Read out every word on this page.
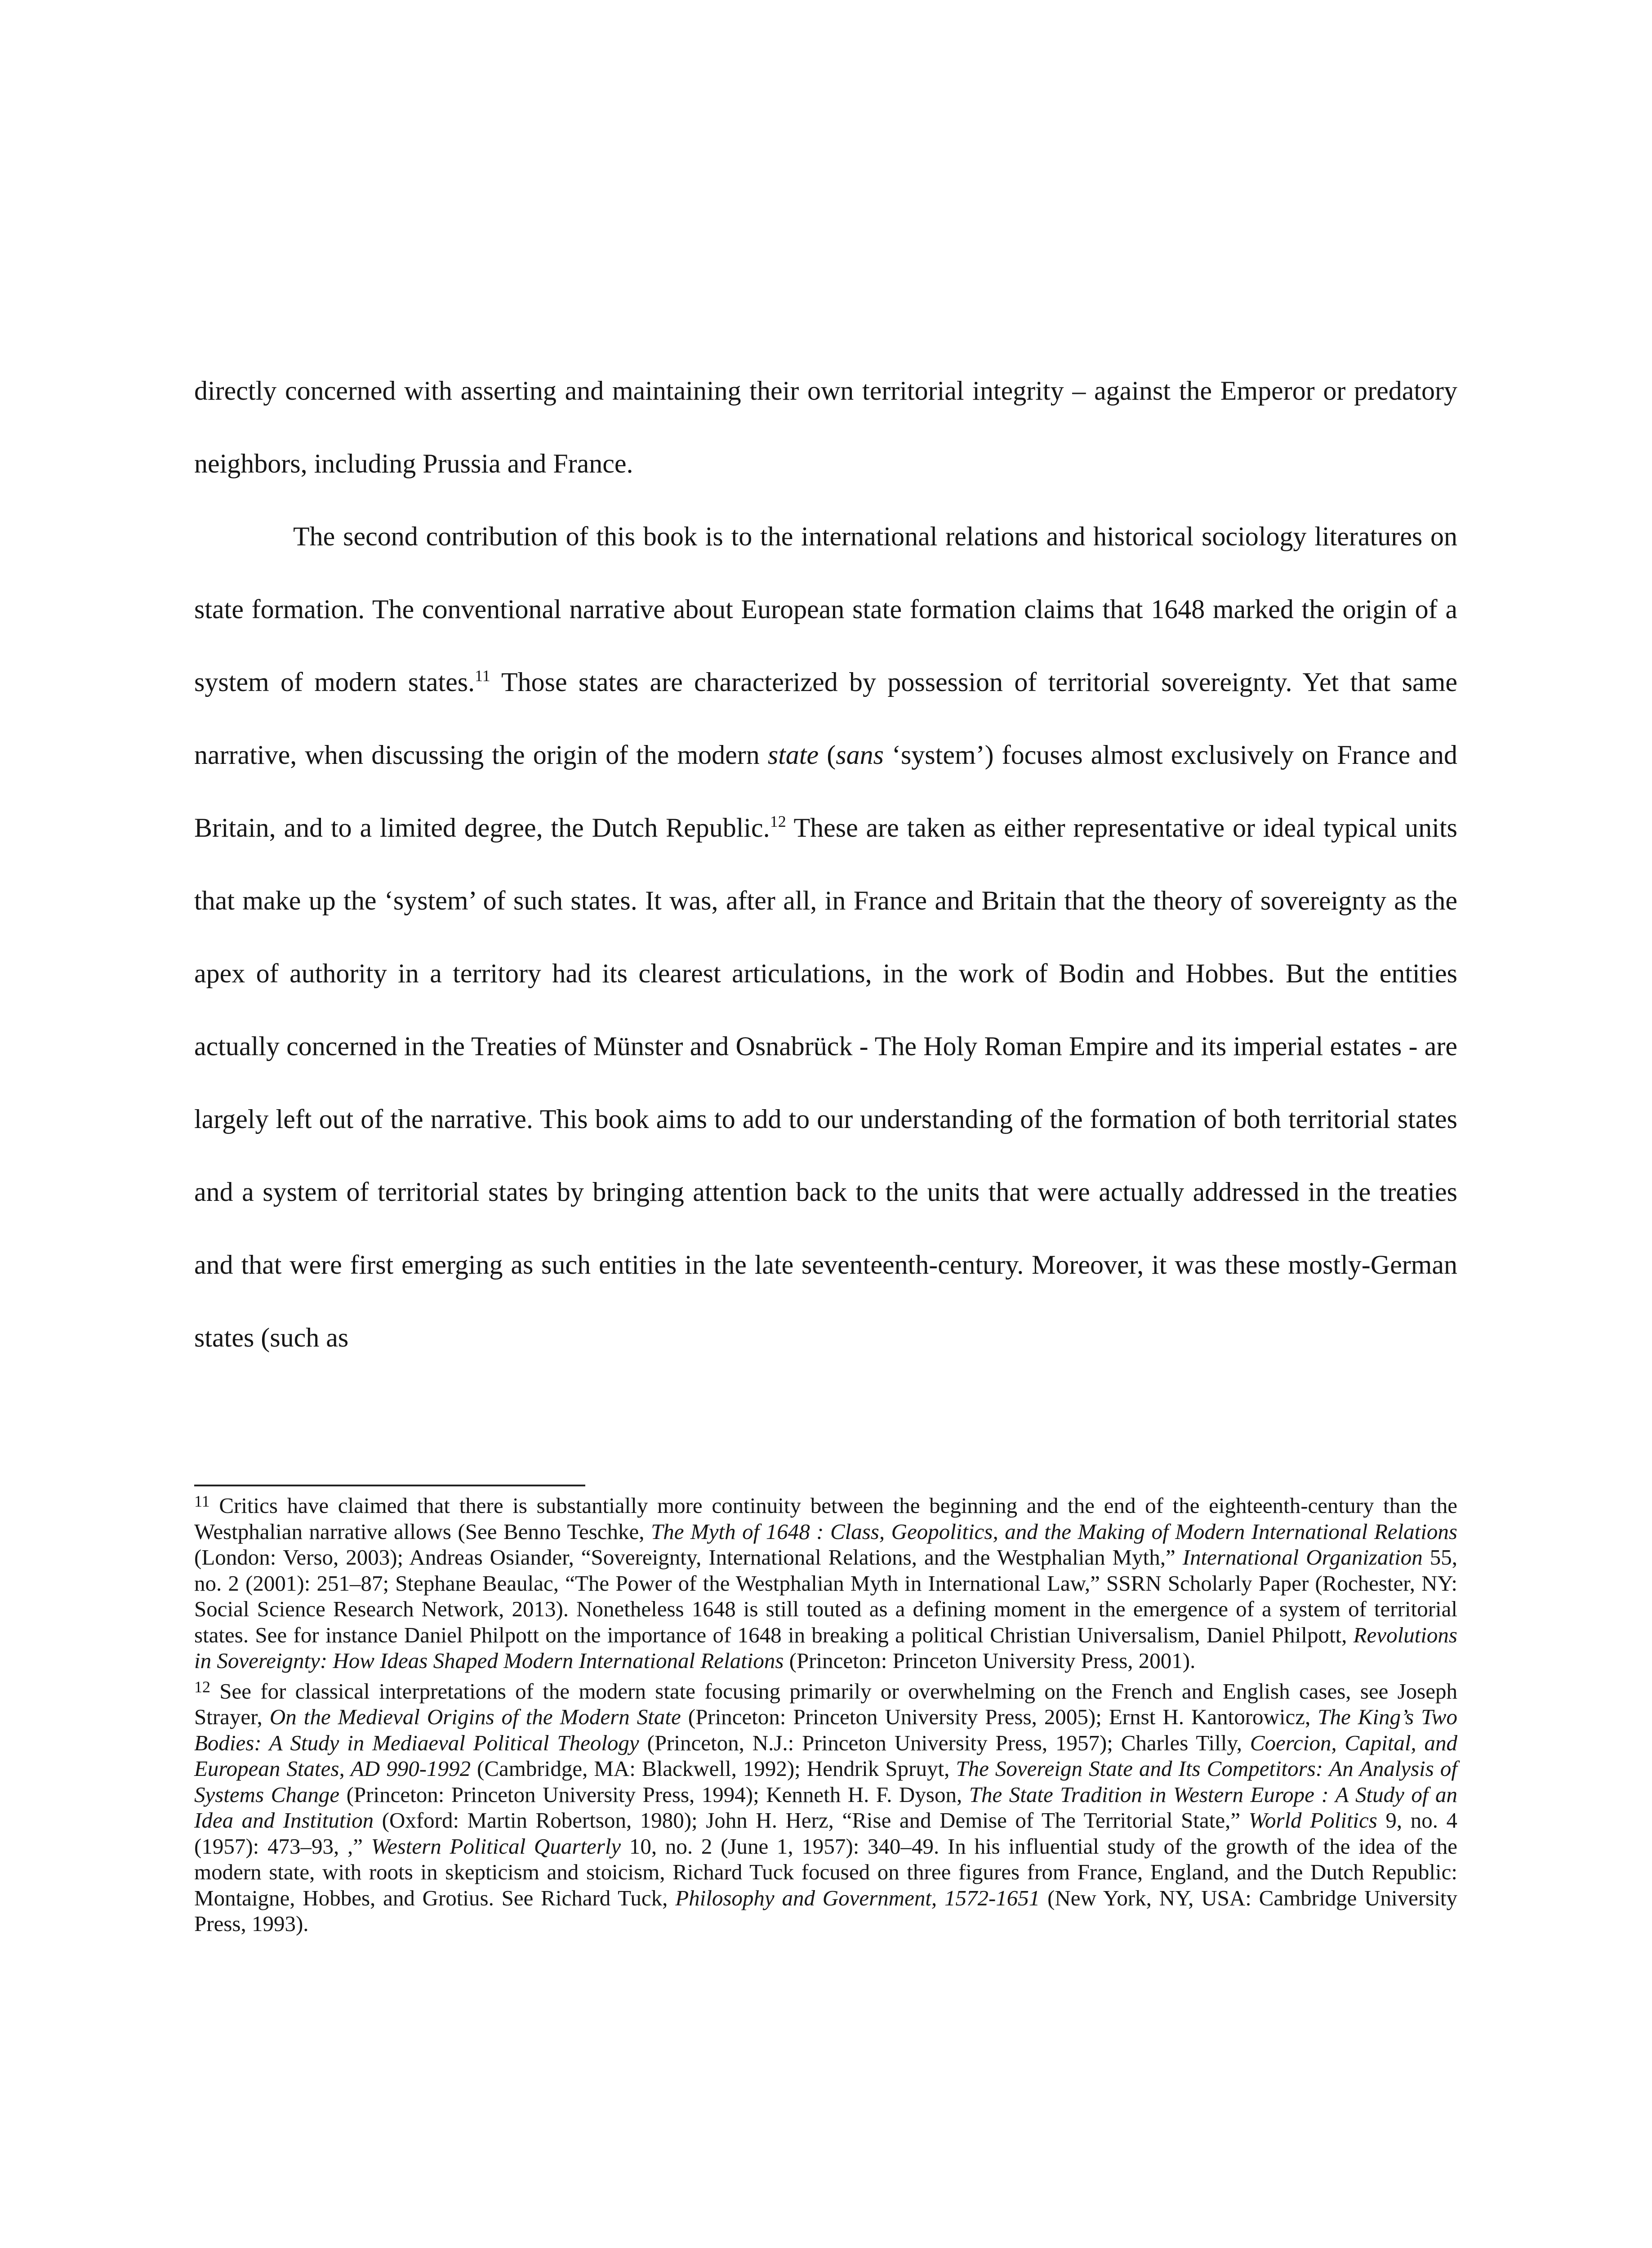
directly concerned with asserting and maintaining their own territorial integrity – against the Emperor or predatory neighbors, including Prussia and France.

The second contribution of this book is to the international relations and historical sociology literatures on state formation. The conventional narrative about European state formation claims that 1648 marked the origin of a system of modern states.$^{11}$ Those states are characterized by possession of territorial sovereignty. Yet that same narrative, when discussing the origin of the modern state (sans ‘system’) focuses almost exclusively on France and Britain, and to a limited degree, the Dutch Republic.$^{12}$ These are taken as either representative or ideal typical units that make up the ‘system’ of such states. It was, after all, in France and Britain that the theory of sovereignty as the apex of authority in a territory had its clearest articulations, in the work of Bodin and Hobbes. But the entities actually concerned in the Treaties of Münster and Osnabrück - The Holy Roman Empire and its imperial estates - are largely left out of the narrative. This book aims to add to our understanding of the formation of both territorial states and a system of territorial states by bringing attention back to the units that were actually addressed in the treaties and that were first emerging as such entities in the late seventeenth-century. Moreover, it was these mostly-German states (such as

$^{11}$ Critics have claimed that there is substantially more continuity between the beginning and the end of the eighteenth-century than the Westphalian narrative allows (See Benno Teschke, The Myth of 1648 : Class, Geopolitics, and the Making of Modern International Relations (London: Verso, 2003); Andreas Osiander, “Sovereignty, International Relations, and the Westphalian Myth,” International Organization 55, no. 2 (2001): 251–87; Stephane Beaulac, “The Power of the Westphalian Myth in International Law,” SSRN Scholarly Paper (Rochester, NY: Social Science Research Network, 2013). Nonetheless 1648 is still touted as a defining moment in the emergence of a system of territorial states. See for instance Daniel Philpott on the importance of 1648 in breaking a political Christian Universalism, Daniel Philpott, Revolutions in Sovereignty: How Ideas Shaped Modern International Relations (Princeton: Princeton University Press, 2001).

$^{12}$ See for classical interpretations of the modern state focusing primarily or overwhelming on the French and English cases, see Joseph Strayer, On the Medieval Origins of the Modern State (Princeton: Princeton University Press, 2005); Ernst H. Kantorowicz, The King’s Two Bodies: A Study in Mediaeval Political Theology (Princeton, N.J.: Princeton University Press, 1957); Charles Tilly, Coercion, Capital, and European States, AD 990-1992 (Cambridge, MA: Blackwell, 1992); Hendrik Spruyt, The Sovereign State and Its Competitors: An Analysis of Systems Change (Princeton: Princeton University Press, 1994); Kenneth H. F. Dyson, The State Tradition in Western Europe : A Study of an Idea and Institution (Oxford: Martin Robertson, 1980); John H. Herz, “Rise and Demise of The Territorial State,” World Politics 9, no. 4 (1957): 473–93, ,” Western Political Quarterly 10, no. 2 (June 1, 1957): 340–49. In his influential study of the growth of the idea of the modern state, with roots in skepticism and stoicism, Richard Tuck focused on three figures from France, England, and the Dutch Republic: Montaigne, Hobbes, and Grotius. See Richard Tuck, Philosophy and Government, 1572-1651 (New York, NY, USA: Cambridge University Press, 1993).
